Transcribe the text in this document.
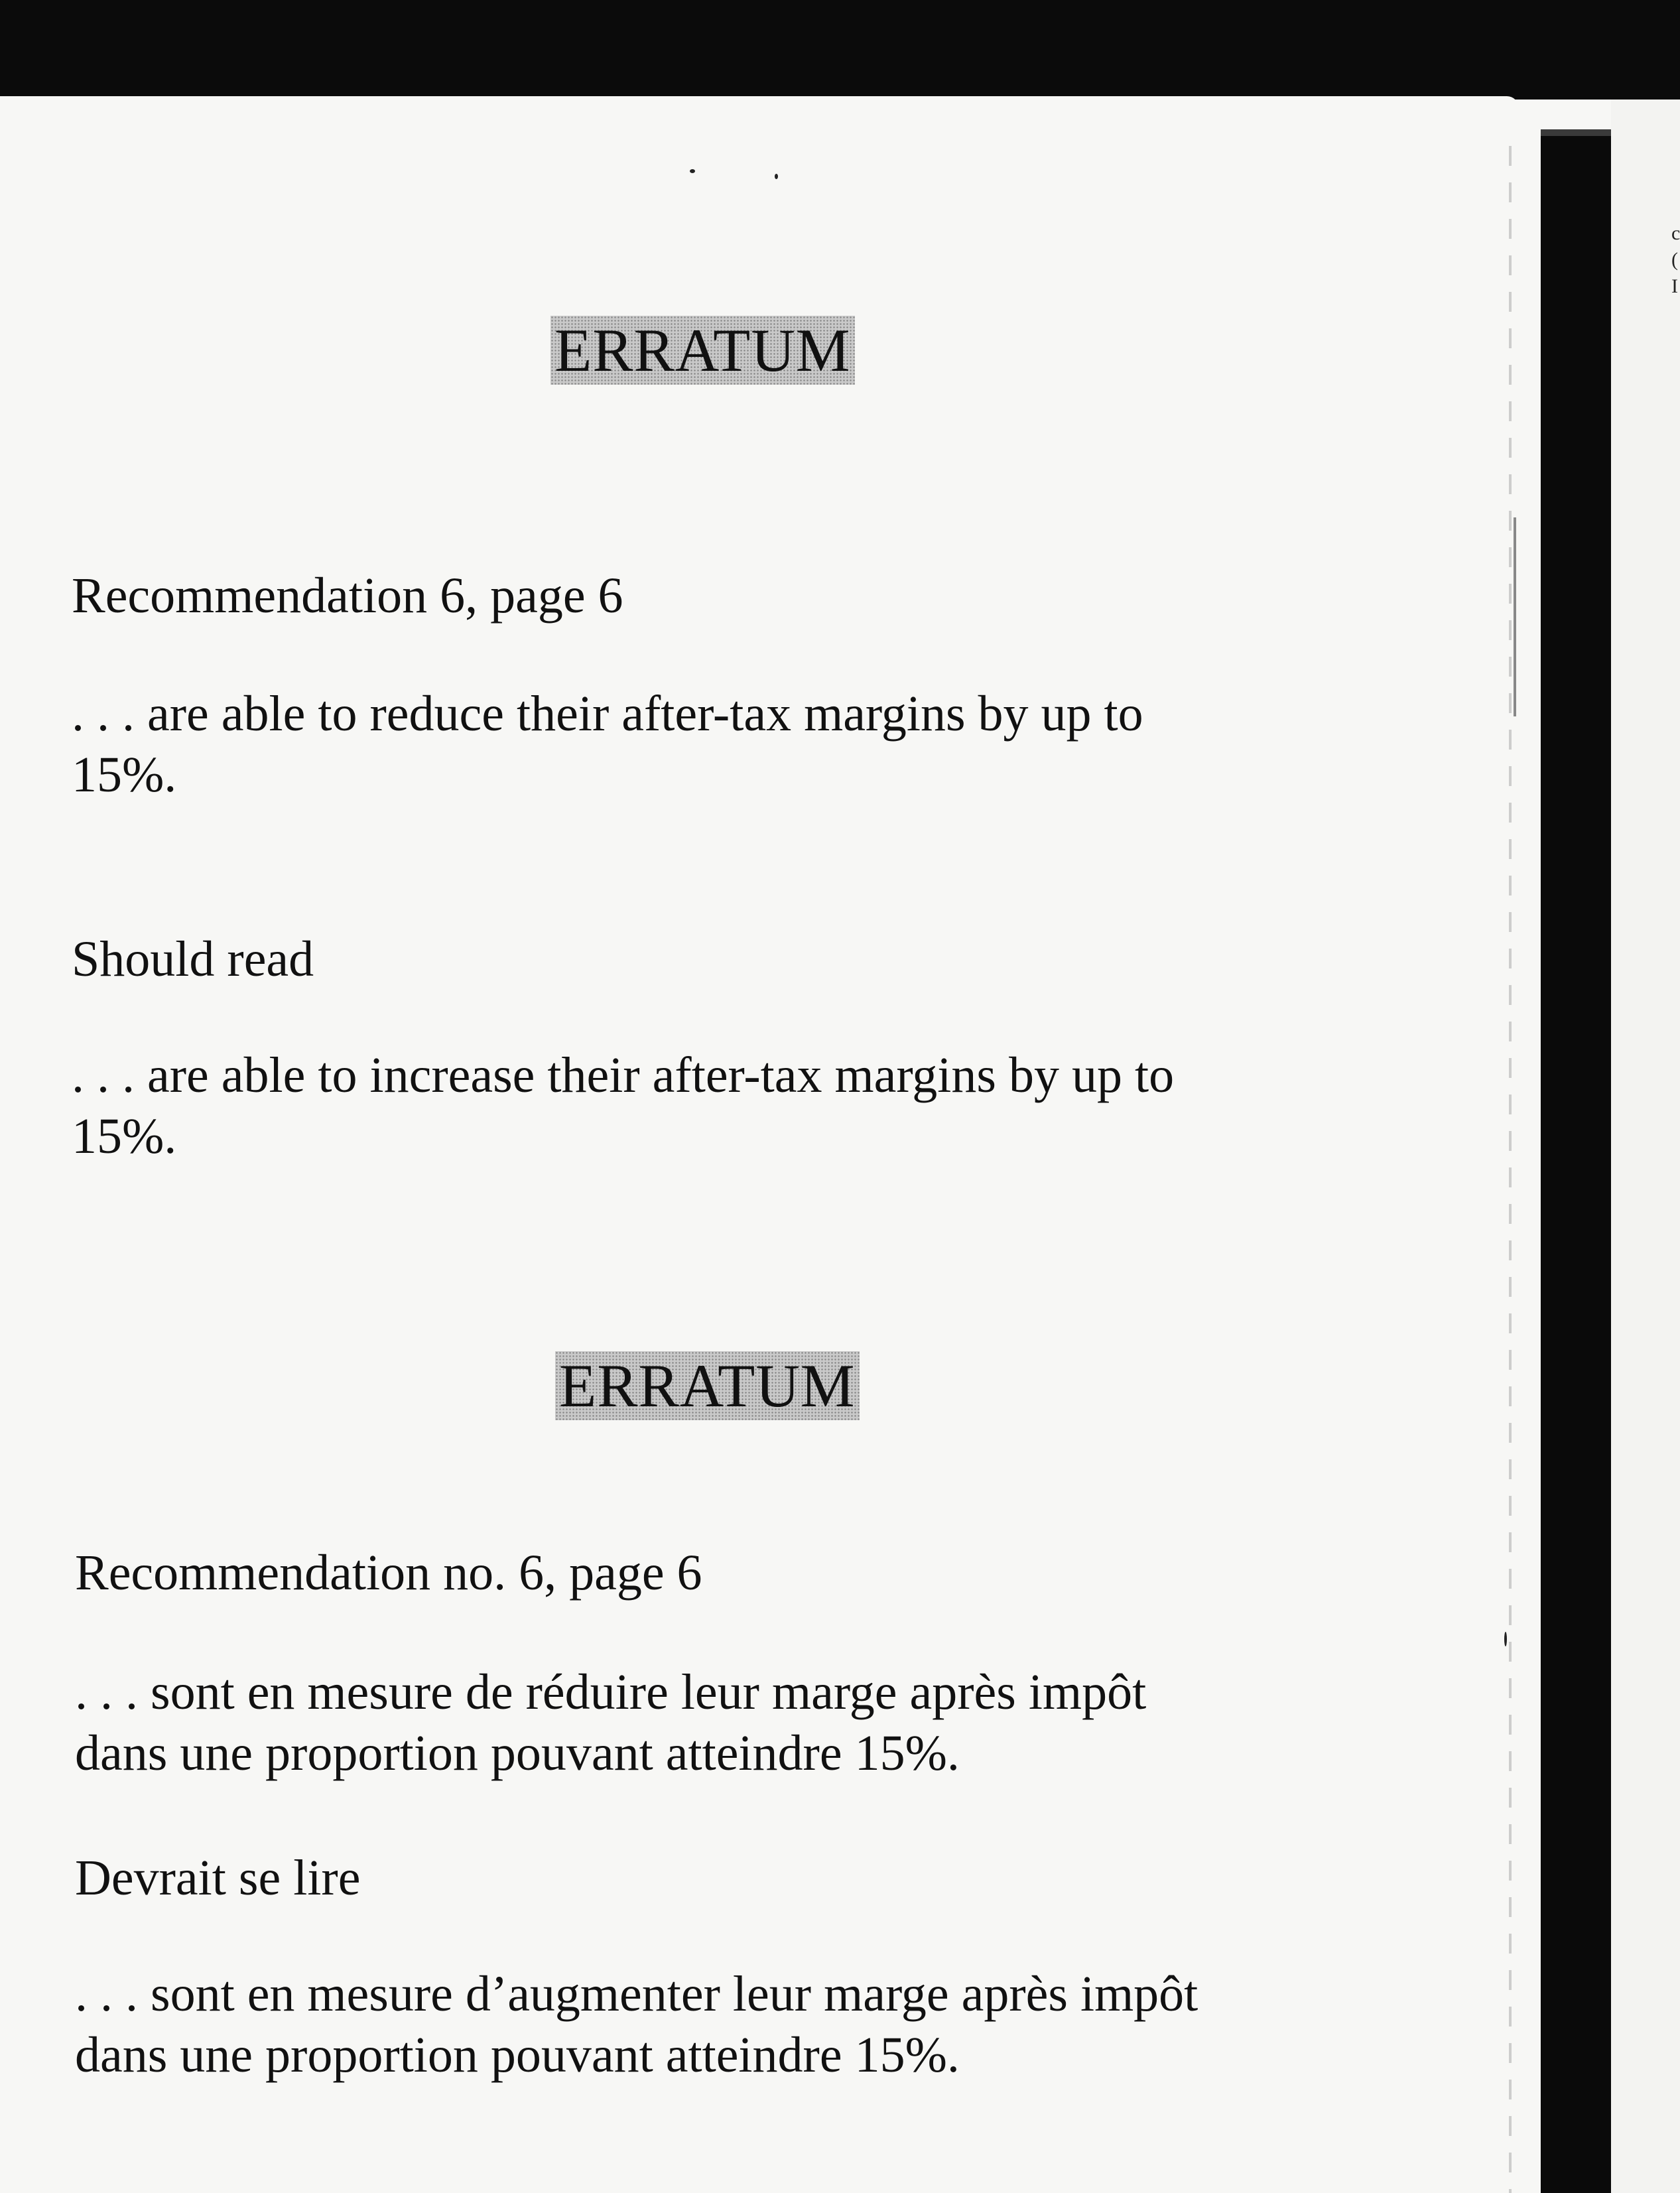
c
(
I
ERRATUM

Recommendation 6, page 6

. . . are able to reduce their after-tax margins by up to

15%.

Should read

. . . are able to increase their after-tax margins by up to

15%.

ERRATUM

Recommendation no. 6, page 6

. . . sont en mesure de réduire leur marge après impôt

dans une proportion pouvant atteindre 15%.

Devrait se lire

. . . sont en mesure d’augmenter leur marge après impôt

dans une proportion pouvant atteindre 15%.
